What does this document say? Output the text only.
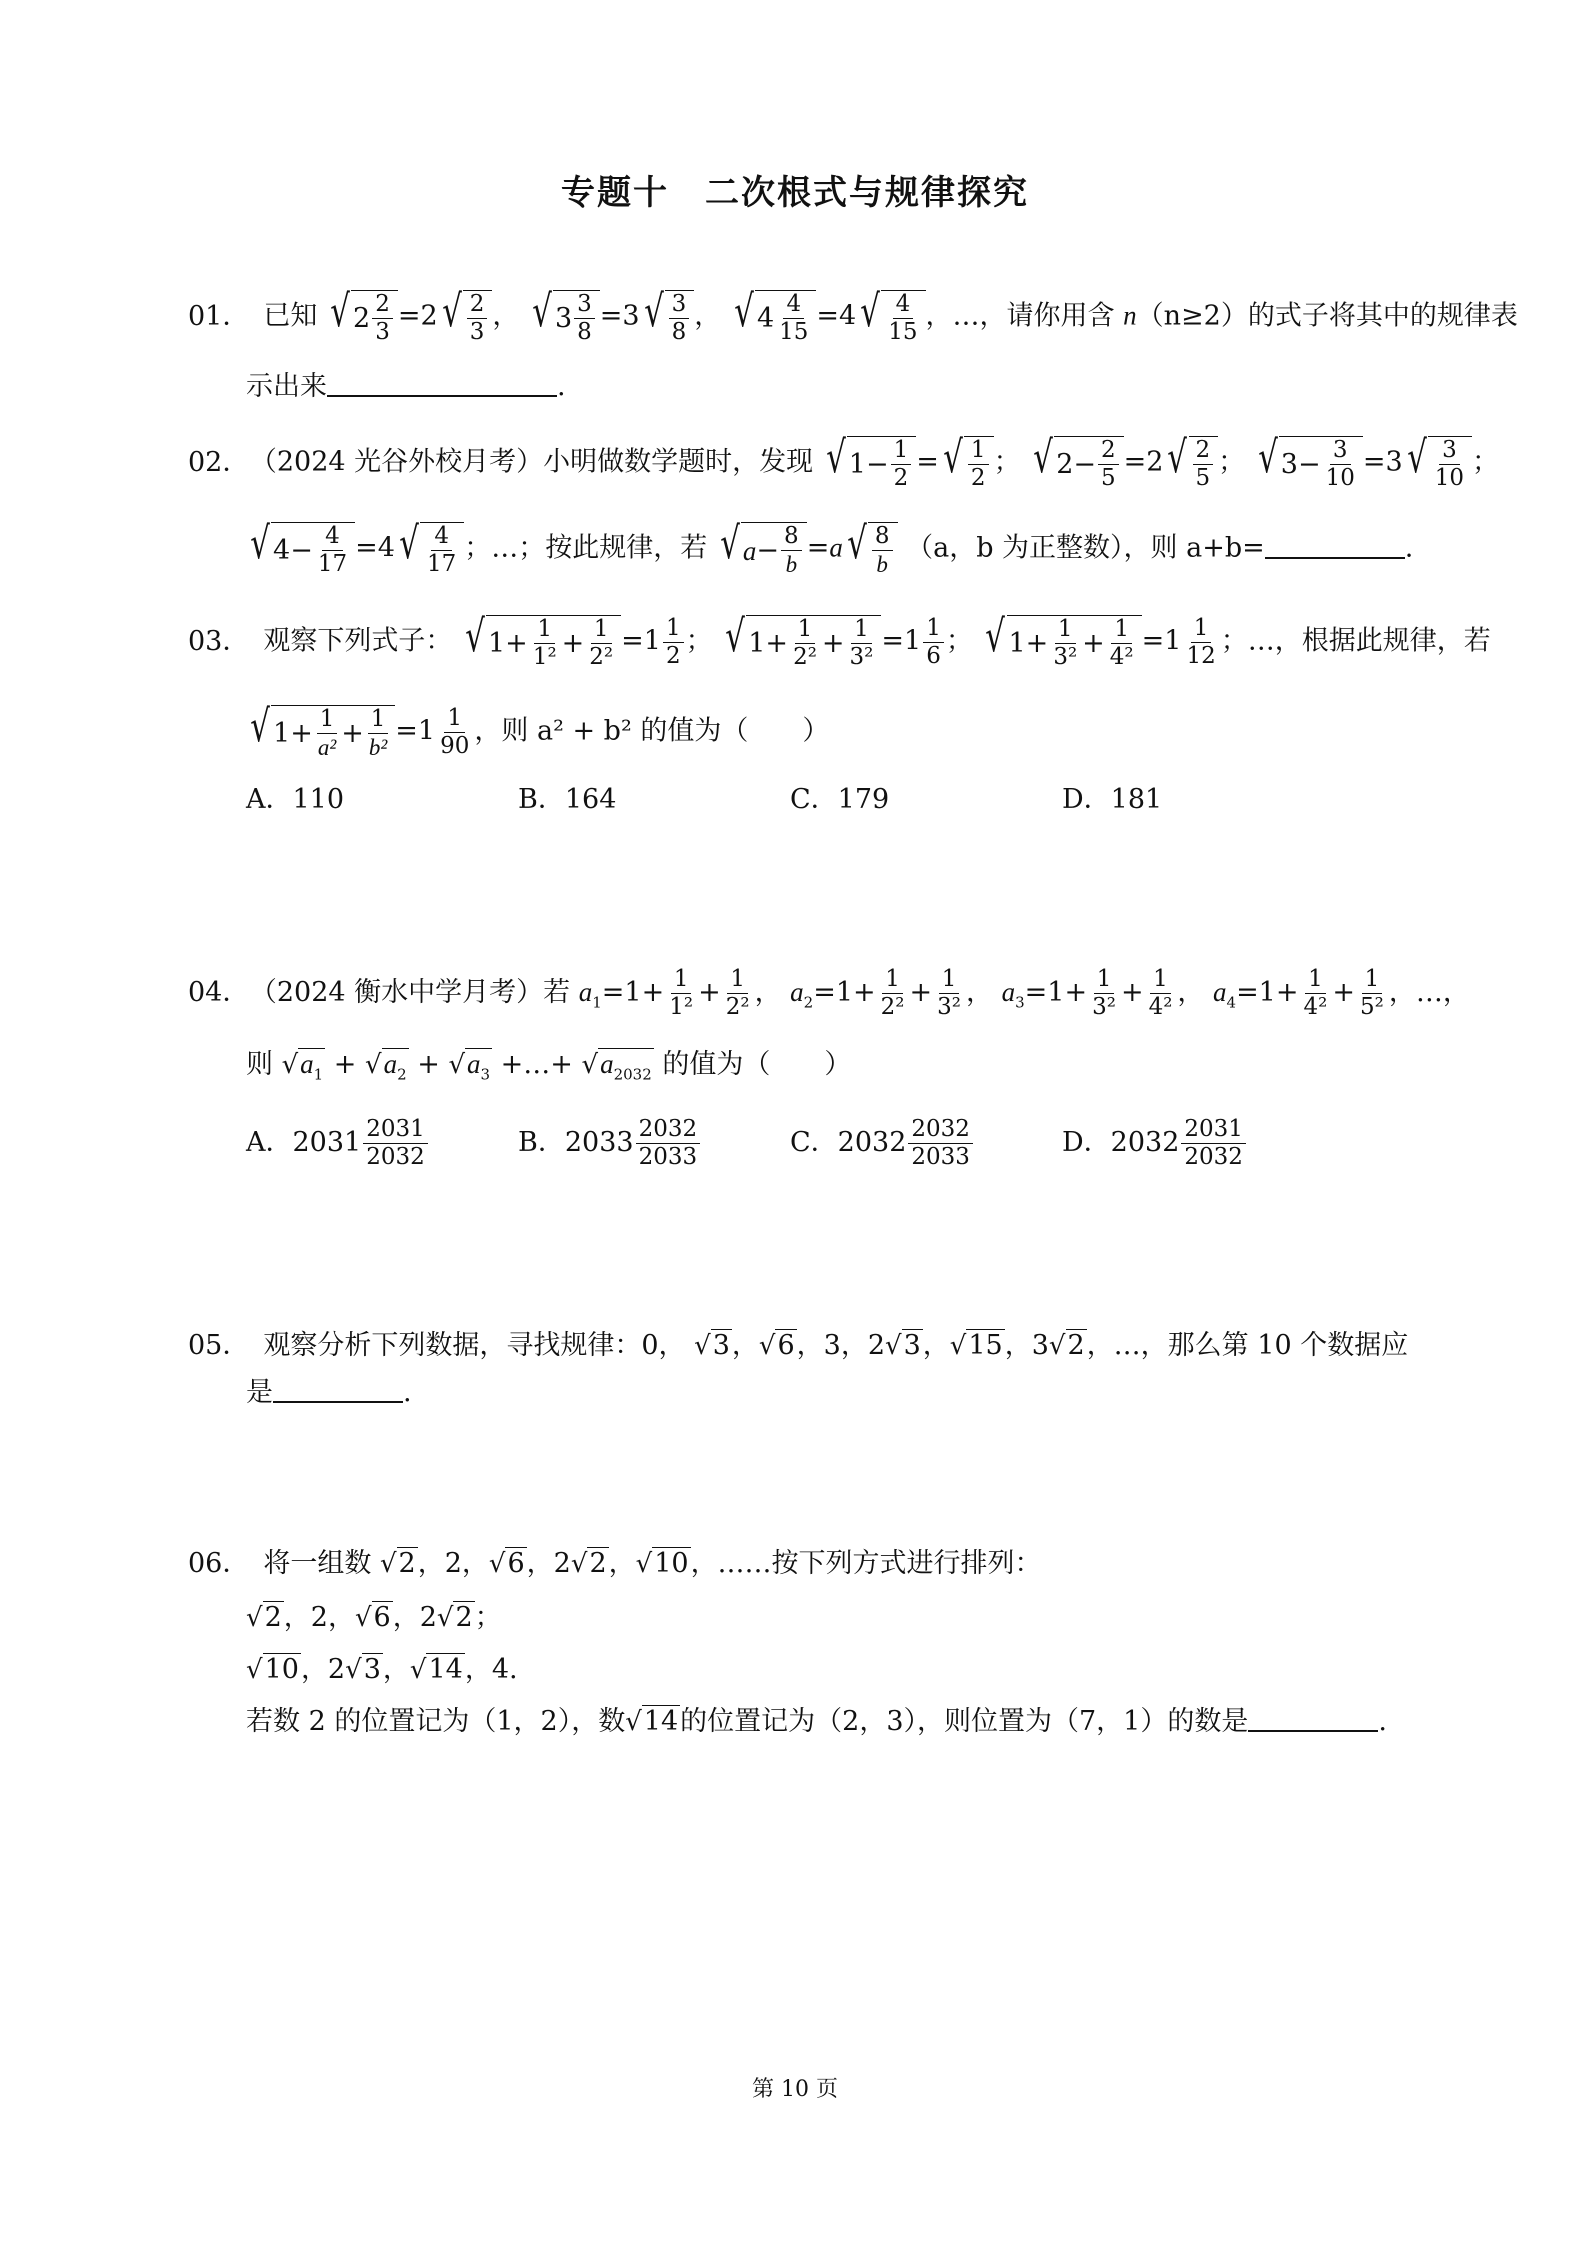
专题十　二次根式与规律探究
01． 已知 √ $2 \frac{2}{3} =2$ √ $\frac{2}{3}$ ， √ $3 \frac{3}{8} =3$ √ $\frac{3}{8}$ ， √ $4 \frac{4}{15} =4$ √ $\frac{4}{15}$ ，…，请你用含 n（n≥2）的式子将其中的规律表
示出来	.
02． （2024 光谷外校月考）小明做数学题时，发现 √ $1- \frac{1}{2}$ = √ $\frac{1}{2}$ ； √ $2- \frac{2}{5} =2$ √ $\frac{2}{5}$ ； √ $3- \frac{3}{10} =3$ √ $\frac{3}{10}$ ；
√ $4- \frac{4}{17} =4$ √ $\frac{4}{17}$ ；…；按此规律，若 √ $a - \frac{8}{b} =a$ √ $\frac{8}{b} (a$，b 为正整数），则 a+b=	.
03． 观察下列式子： √ $1+ \frac{1}{\text{1²}} + \frac{1}{\text{2²}} =1 \frac{1}{2}$ ； √ $1+ \frac{1}{\text{2²}} + \frac{1}{\text{3²}} =1 \frac{1}{6}$ ； √ $1+ \frac{1}{\text{3²}} + \frac{1}{\text{4²}} =1 \frac{1}{12}$ ；…，根据此规律，若
√ $1+ \frac{1}{\text{a²}} + \frac{1}{\text{b²}} =1 \frac{1}{90}$ ，则 a² + b² 的值为（　　）
A．110	B．164	C．179	D．181
04． （2024 衡水中学月考）若 $a_1=1+ \frac{1}{\text{1²}} + \frac{1}{\text{2²}}$ ， $a_2=1+ \frac{1}{\text{2²}} + \frac{1}{\text{3²}}$ ， $a_3=1+ \frac{1}{\text{3²}} + \frac{1}{\text{4²}}$ ， $a_4=1+ \frac{1}{\text{4²}} + \frac{1}{\text{5²}}$ ，…，
则 $√a_1 + √a_2 + √a_3$ +…+ $√a_{2032}$ 的值为（　　）
A．$2031 \frac{2031}{2032}$	B．$2033 \frac{2032}{2033}$	C．$2032 \frac{2032}{2033}$	D．$2032 \frac{2031}{2032}$
05． 观察分析下列数据，寻找规律：0， √3，√6，3，2√3，√15，3√2，…，那么第 10 个数据应
是	.
06． 将一组数 √2，2，√6，2√2，√10，……按下列方式进行排列：
√2，2，√6，2√2；
√10，2√3，√14，4.
若数 2 的位置记为（1，2），数√14的位置记为（2，3），则位置为（7，1）的数是	.
第 10 页
